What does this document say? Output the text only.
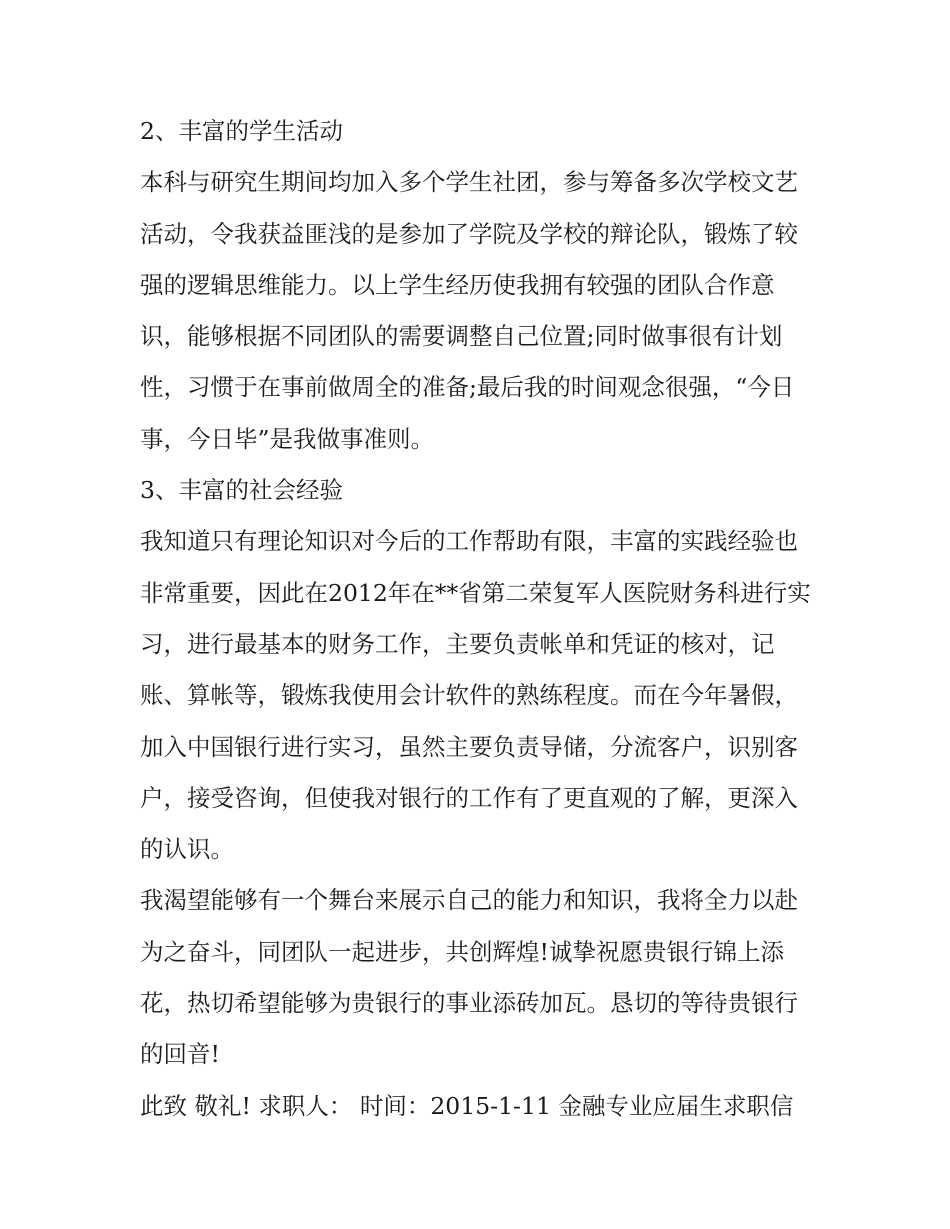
2、丰富的学生活动

本科与研究生期间均加入多个学生社团，参与筹备多次学校文艺活动，令我获益匪浅的是参加了学院及学校的辩论队，锻炼了较强的逻辑思维能力。以上学生经历使我拥有较强的团队合作意识，能够根据不同团队的需要调整自己位置;同时做事很有计划性，习惯于在事前做周全的准备;最后我的时间观念很强，“今日事，今日毕”是我做事准则。

3、丰富的社会经验

我知道只有理论知识对今后的工作帮助有限，丰富的实践经验也非常重要，因此在2012年在**省第二荣复军人医院财务科进行实习，进行最基本的财务工作，主要负责帐单和凭证的核对，记账、算帐等，锻炼我使用会计软件的熟练程度。而在今年暑假，加入中国银行进行实习，虽然主要负责导储，分流客户，识别客户，接受咨询，但使我对银行的工作有了更直观的了解，更深入的认识。

我渴望能够有一个舞台来展示自己的能力和知识，我将全力以赴为之奋斗，同团队一起进步，共创辉煌!诚挚祝愿贵银行锦上添花，热切希望能够为贵银行的事业添砖加瓦。恳切的等待贵银行的回音!

此致 敬礼! 求职人： 时间：2015-1-11 金融专业应届生求职信
